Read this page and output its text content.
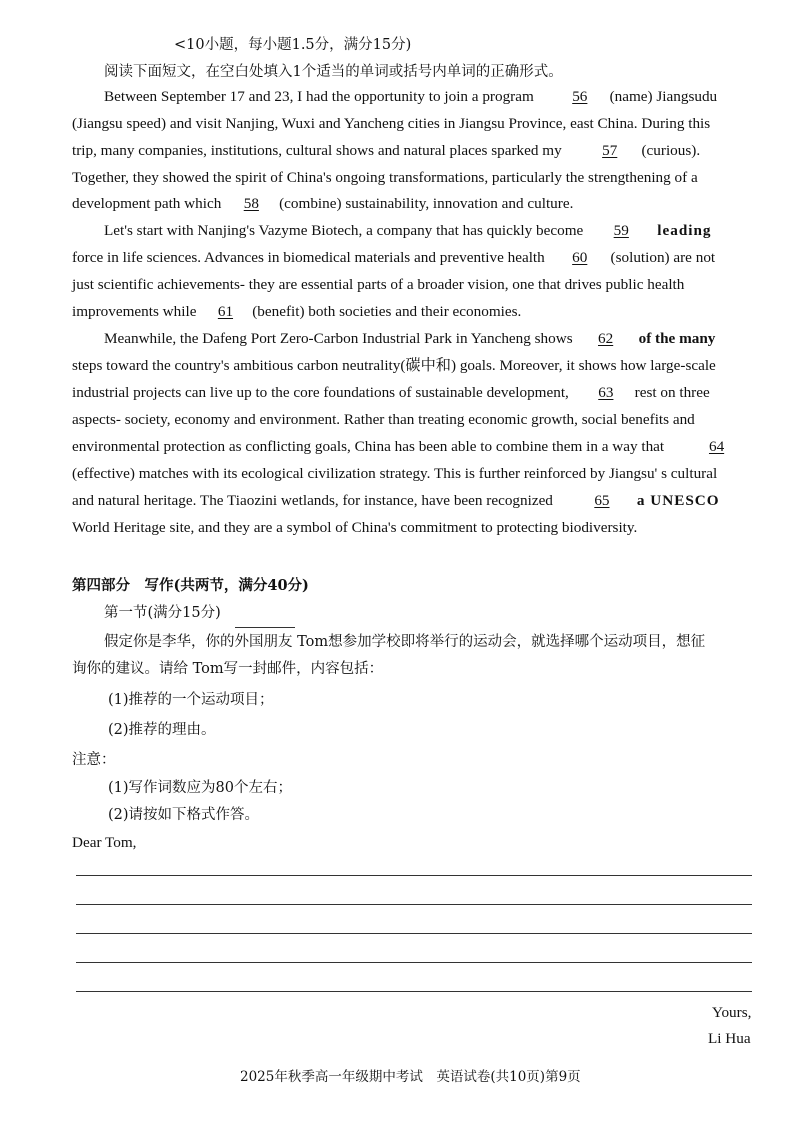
<10小题，每小题1.5分，满分15分)
阅读下面短文，在空白处填入1个适当的单词或括号内单词的正确形式。
Between September 17 and 23, I had the opportunity to join a program	56 (name) Jiangsudu
(Jiangsu speed) and visit Nanjing, Wuxi and Yancheng cities in Jiangsu Province, east China. During this
trip, many companies, institutions, cultural shows and natural places sparked my	57 (curious).
Together, they showed the spirit of China's ongoing transformations, particularly the strengthening of a
development path which 58 (combine) sustainability, innovation and culture.
Let's start with Nanjing's Vazyme Biotech, a company that has quickly become 59 leading
force in life sciences. Advances in biomedical materials and preventive health 60 (solution) are not
just scientific achievements- they are essential parts of a broader vision, one that drives public health
improvements while 61 (benefit) both societies and their economies.
Meanwhile, the Dafeng Port Zero-Carbon Industrial Park in Yancheng shows 62 of the many
steps toward the country's ambitious carbon neutrality(碳中和) goals. Moreover, it shows how large-scale
industrial projects can live up to the core foundations of sustainable development, 63 rest on three
aspects- society, economy and environment. Rather than treating economic growth, social benefits and
environmental protection as conflicting goals, China has been able to combine them in a way that	64
(effective) matches with its ecological civilization strategy. This is further reinforced by Jiangsu' s cultural
and natural heritage. The Tiaozini wetlands, for instance, have been recognized	65 a UNESCO
World Heritage site, and they are a symbol of China's commitment to protecting biodiversity.
第四部分　写作(共两节，满分40分)
第一节(满分15分)
假定你是李华，你的外国朋友 Tom想参加学校即将举行的运动会，就选择哪个运动项目，想征
询你的建议。请给 Tom写一封邮件，内容包括：
(1)推荐的一个运动项目；
(2)推荐的理由。
注意：
(1)写作词数应为80个左右；
(2)请按如下格式作答。
Dear Tom,
Yours,
Li Hua
2025年秋季高一年级期中考试　英语试卷(共10页)第9页
